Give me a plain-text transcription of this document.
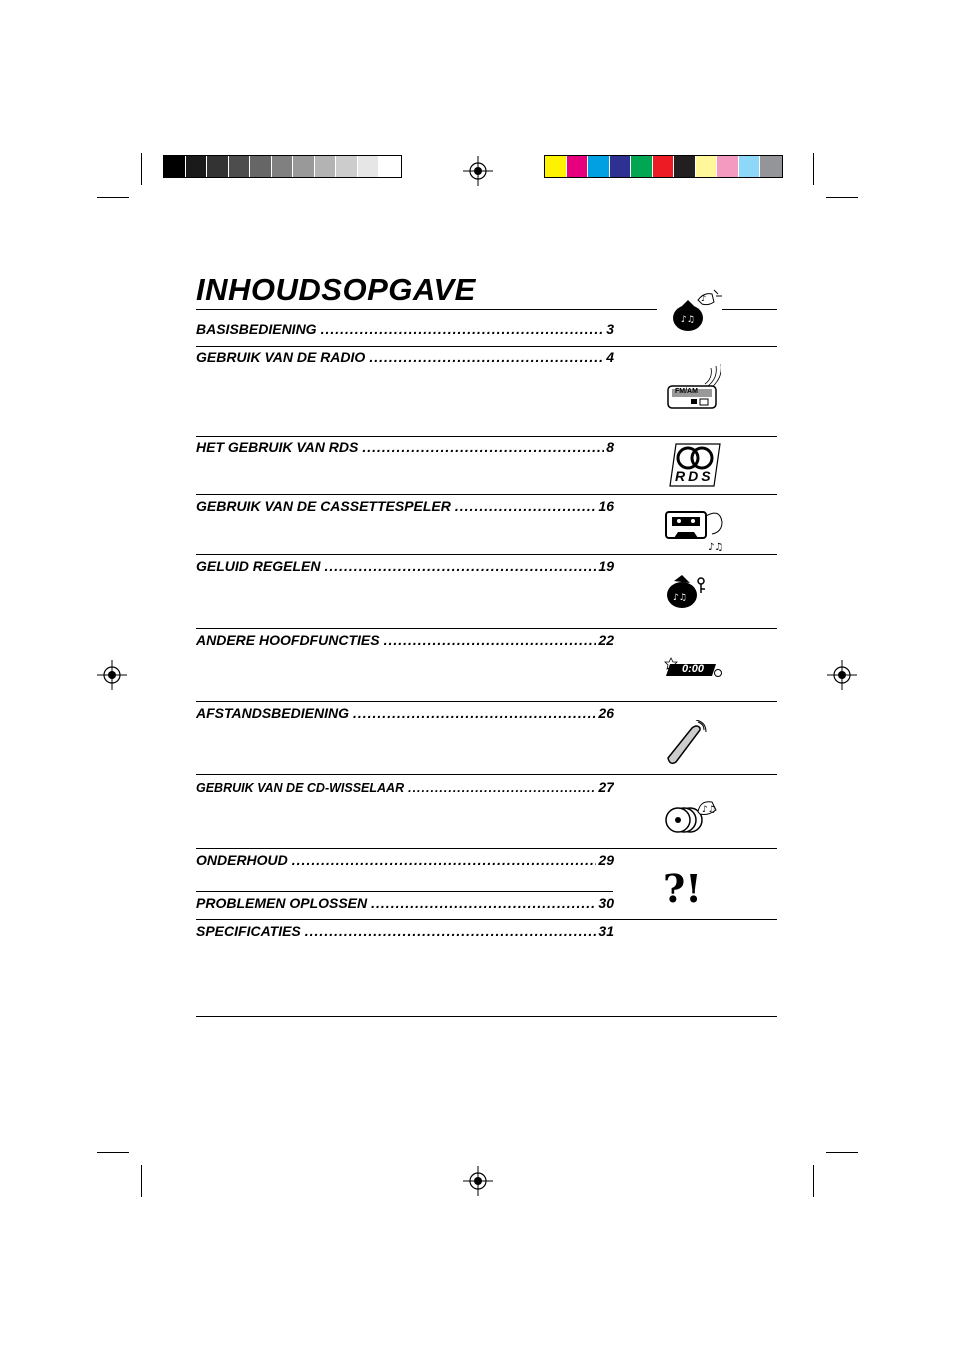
INHOUDSOPGAVE
BASISBEDIENING .....	3
GEBRUIK VAN DE RADIO .....	4
HET GEBRUIK VAN RDS .....	8
GEBRUIK VAN DE CASSETTESPELER .....	16
GELUID REGELEN .....	19
ANDERE HOOFDFUNCTIES .....	22
AFSTANDSBEDIENING .....	26
GEBRUIK VAN DE CD-WISSELAAR .....	27
ONDERHOUD .....	29
PROBLEMEN OPLOSSEN .....	30
SPECIFICATIES .....	31
♪♫
♪
FM/AM
RDS
♪♫
♪♫
0:00
♪♫
?!
